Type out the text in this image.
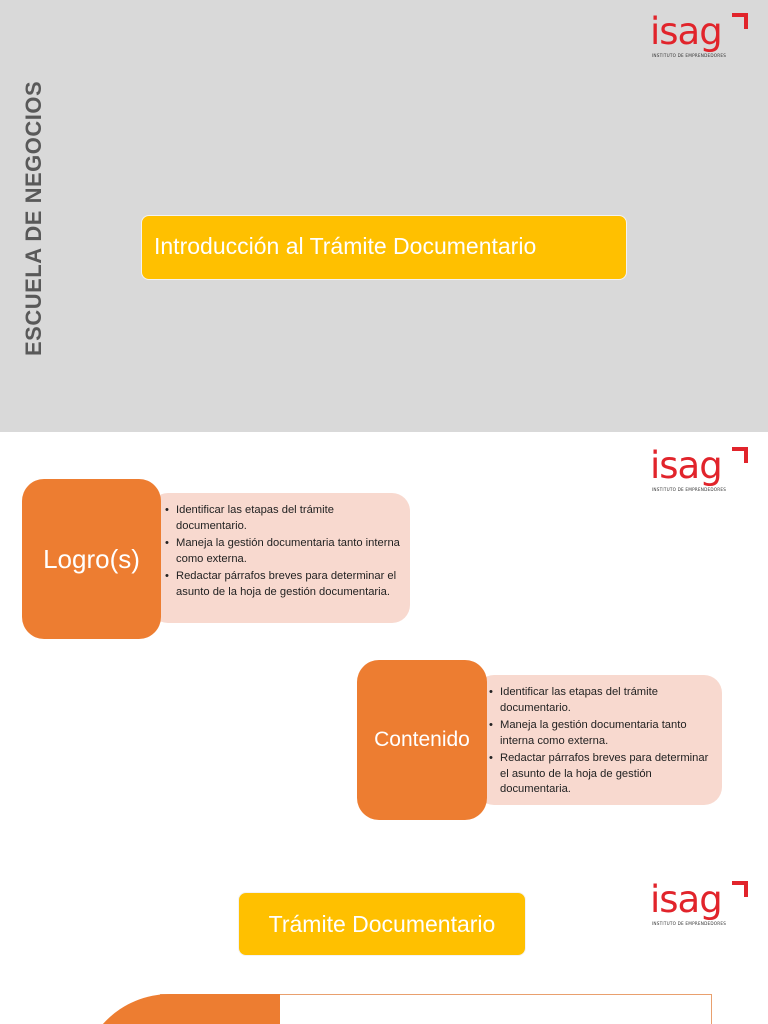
ESCUELA DE NEGOCIOS
isag
INSTITUTO DE EMPRENDEDORES
Introducción al Trámite Documentario
isag
INSTITUTO DE EMPRENDEDORES
• Identificar las etapas del trámite documentario.
• Maneja la gestión documentaria tanto interna como externa.
• Redactar párrafos breves para determinar el asunto de la hoja de gestión documentaria.
Logro(s)
• Identificar las etapas del trámite documentario.
• Maneja la gestión documentaria tanto interna como externa.
• Redactar párrafos breves para determinar el asunto de la hoja de gestión documentaria.
Contenido
isag
INSTITUTO DE EMPRENDEDORES
Trámite Documentario
